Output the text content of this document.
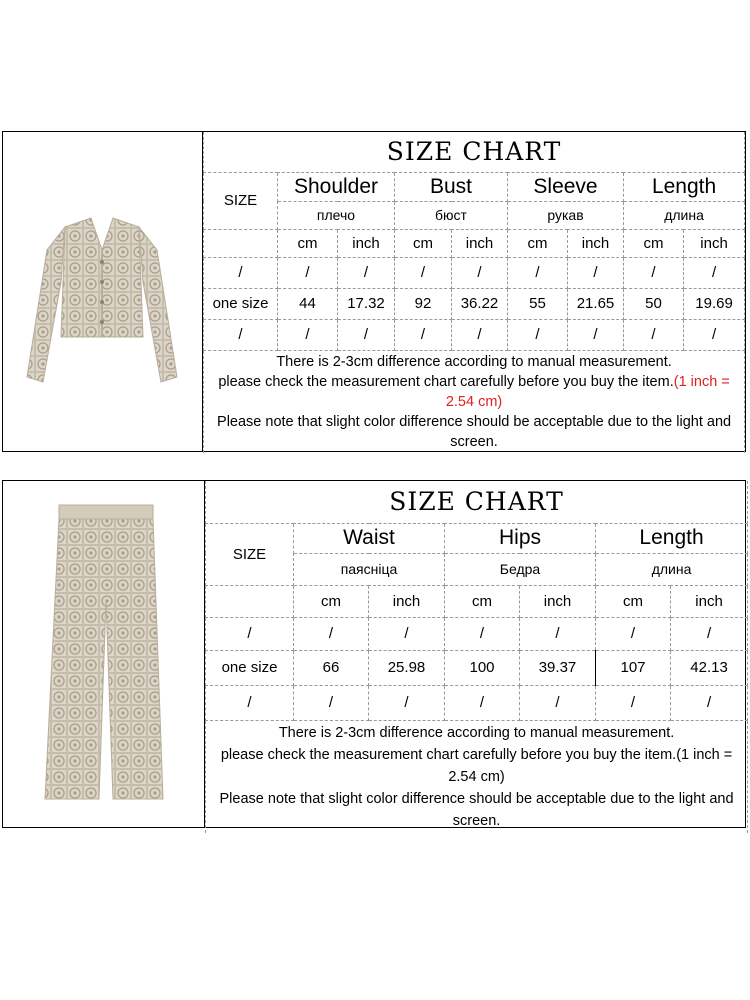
SIZE CHART								
SIZE	Shoulder		Bust		Sleeve		Length	
	плечо		бюст		рукав		длина	
	cm	inch	cm	inch	cm	inch	cm	inch
/	/	/	/	/	/	/	/	/
one size	44	17.32	92	36.22	55	21.65	50	19.69
/	/	/	/	/	/	/	/	/

There is 2-3cm difference according to manual measurement.
please check the measurement chart carefully before you buy the item.(1 inch = 2.54 cm)
Please note that slight color difference should be acceptable due to the light and screen.								
SIZE CHART						
SIZE	Waist		Hips		Length	
	паясніца		Бедра		длина	
	cm	inch	cm	inch	cm	inch
/	/	/	/	/	/	/
one size	66	25.98	100	39.37	107	42.13
/	/	/	/	/	/	/

There is 2-3cm difference according to manual measurement.
please check the measurement chart carefully before you buy the item.(1 inch = 2.54 cm)
Please note that slight color difference should be acceptable due to the light and screen.						
